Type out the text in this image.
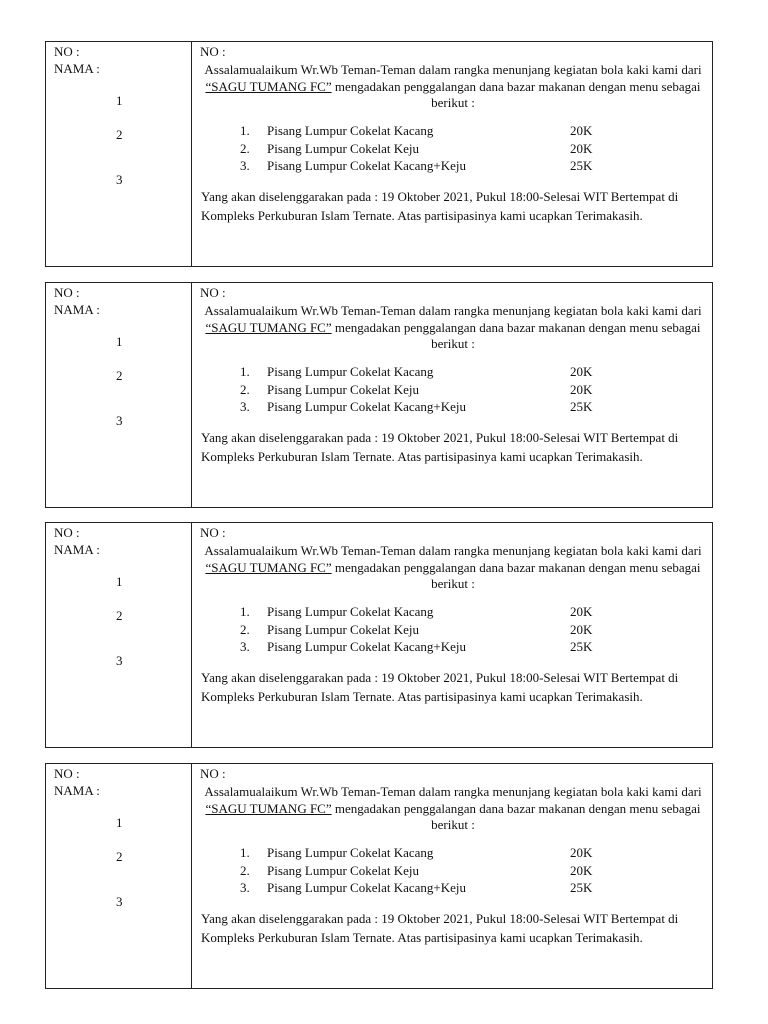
NO :
NAMA :
1
2
3
NO :
Assalamualaikum Wr.Wb Teman-Teman dalam rangka menunjang kegiatan bola kaki kami dari “SAGU TUMANG FC” mengadakan penggalangan dana bazar makanan dengan menu sebagai berikut :
1. Pisang Lumpur Cokelat Kacang	20K
2. Pisang Lumpur Cokelat Keju	20K
3. Pisang Lumpur Cokelat Kacang+Keju	25K
Yang akan diselenggarakan pada : 19 Oktober 2021, Pukul 18:00-Selesai WIT Bertempat di Kompleks Perkuburan Islam Ternate. Atas partisipasinya kami ucapkan Terimakasih.
NO :
NAMA :
1
2
3
NO :
Assalamualaikum Wr.Wb Teman-Teman dalam rangka menunjang kegiatan bola kaki kami dari “SAGU TUMANG FC” mengadakan penggalangan dana bazar makanan dengan menu sebagai berikut :
1. Pisang Lumpur Cokelat Kacang	20K
2. Pisang Lumpur Cokelat Keju	20K
3. Pisang Lumpur Cokelat Kacang+Keju	25K
Yang akan diselenggarakan pada : 19 Oktober 2021, Pukul 18:00-Selesai WIT Bertempat di Kompleks Perkuburan Islam Ternate. Atas partisipasinya kami ucapkan Terimakasih.
NO :
NAMA :
1
2
3
NO :
Assalamualaikum Wr.Wb Teman-Teman dalam rangka menunjang kegiatan bola kaki kami dari “SAGU TUMANG FC” mengadakan penggalangan dana bazar makanan dengan menu sebagai berikut :
1. Pisang Lumpur Cokelat Kacang	20K
2. Pisang Lumpur Cokelat Keju	20K
3. Pisang Lumpur Cokelat Kacang+Keju	25K
Yang akan diselenggarakan pada : 19 Oktober 2021, Pukul 18:00-Selesai WIT Bertempat di Kompleks Perkuburan Islam Ternate. Atas partisipasinya kami ucapkan Terimakasih.
NO :
NAMA :
1
2
3
NO :
Assalamualaikum Wr.Wb Teman-Teman dalam rangka menunjang kegiatan bola kaki kami dari “SAGU TUMANG FC” mengadakan penggalangan dana bazar makanan dengan menu sebagai berikut :
1. Pisang Lumpur Cokelat Kacang	20K
2. Pisang Lumpur Cokelat Keju	20K
3. Pisang Lumpur Cokelat Kacang+Keju	25K
Yang akan diselenggarakan pada : 19 Oktober 2021, Pukul 18:00-Selesai WIT Bertempat di Kompleks Perkuburan Islam Ternate. Atas partisipasinya kami ucapkan Terimakasih.
